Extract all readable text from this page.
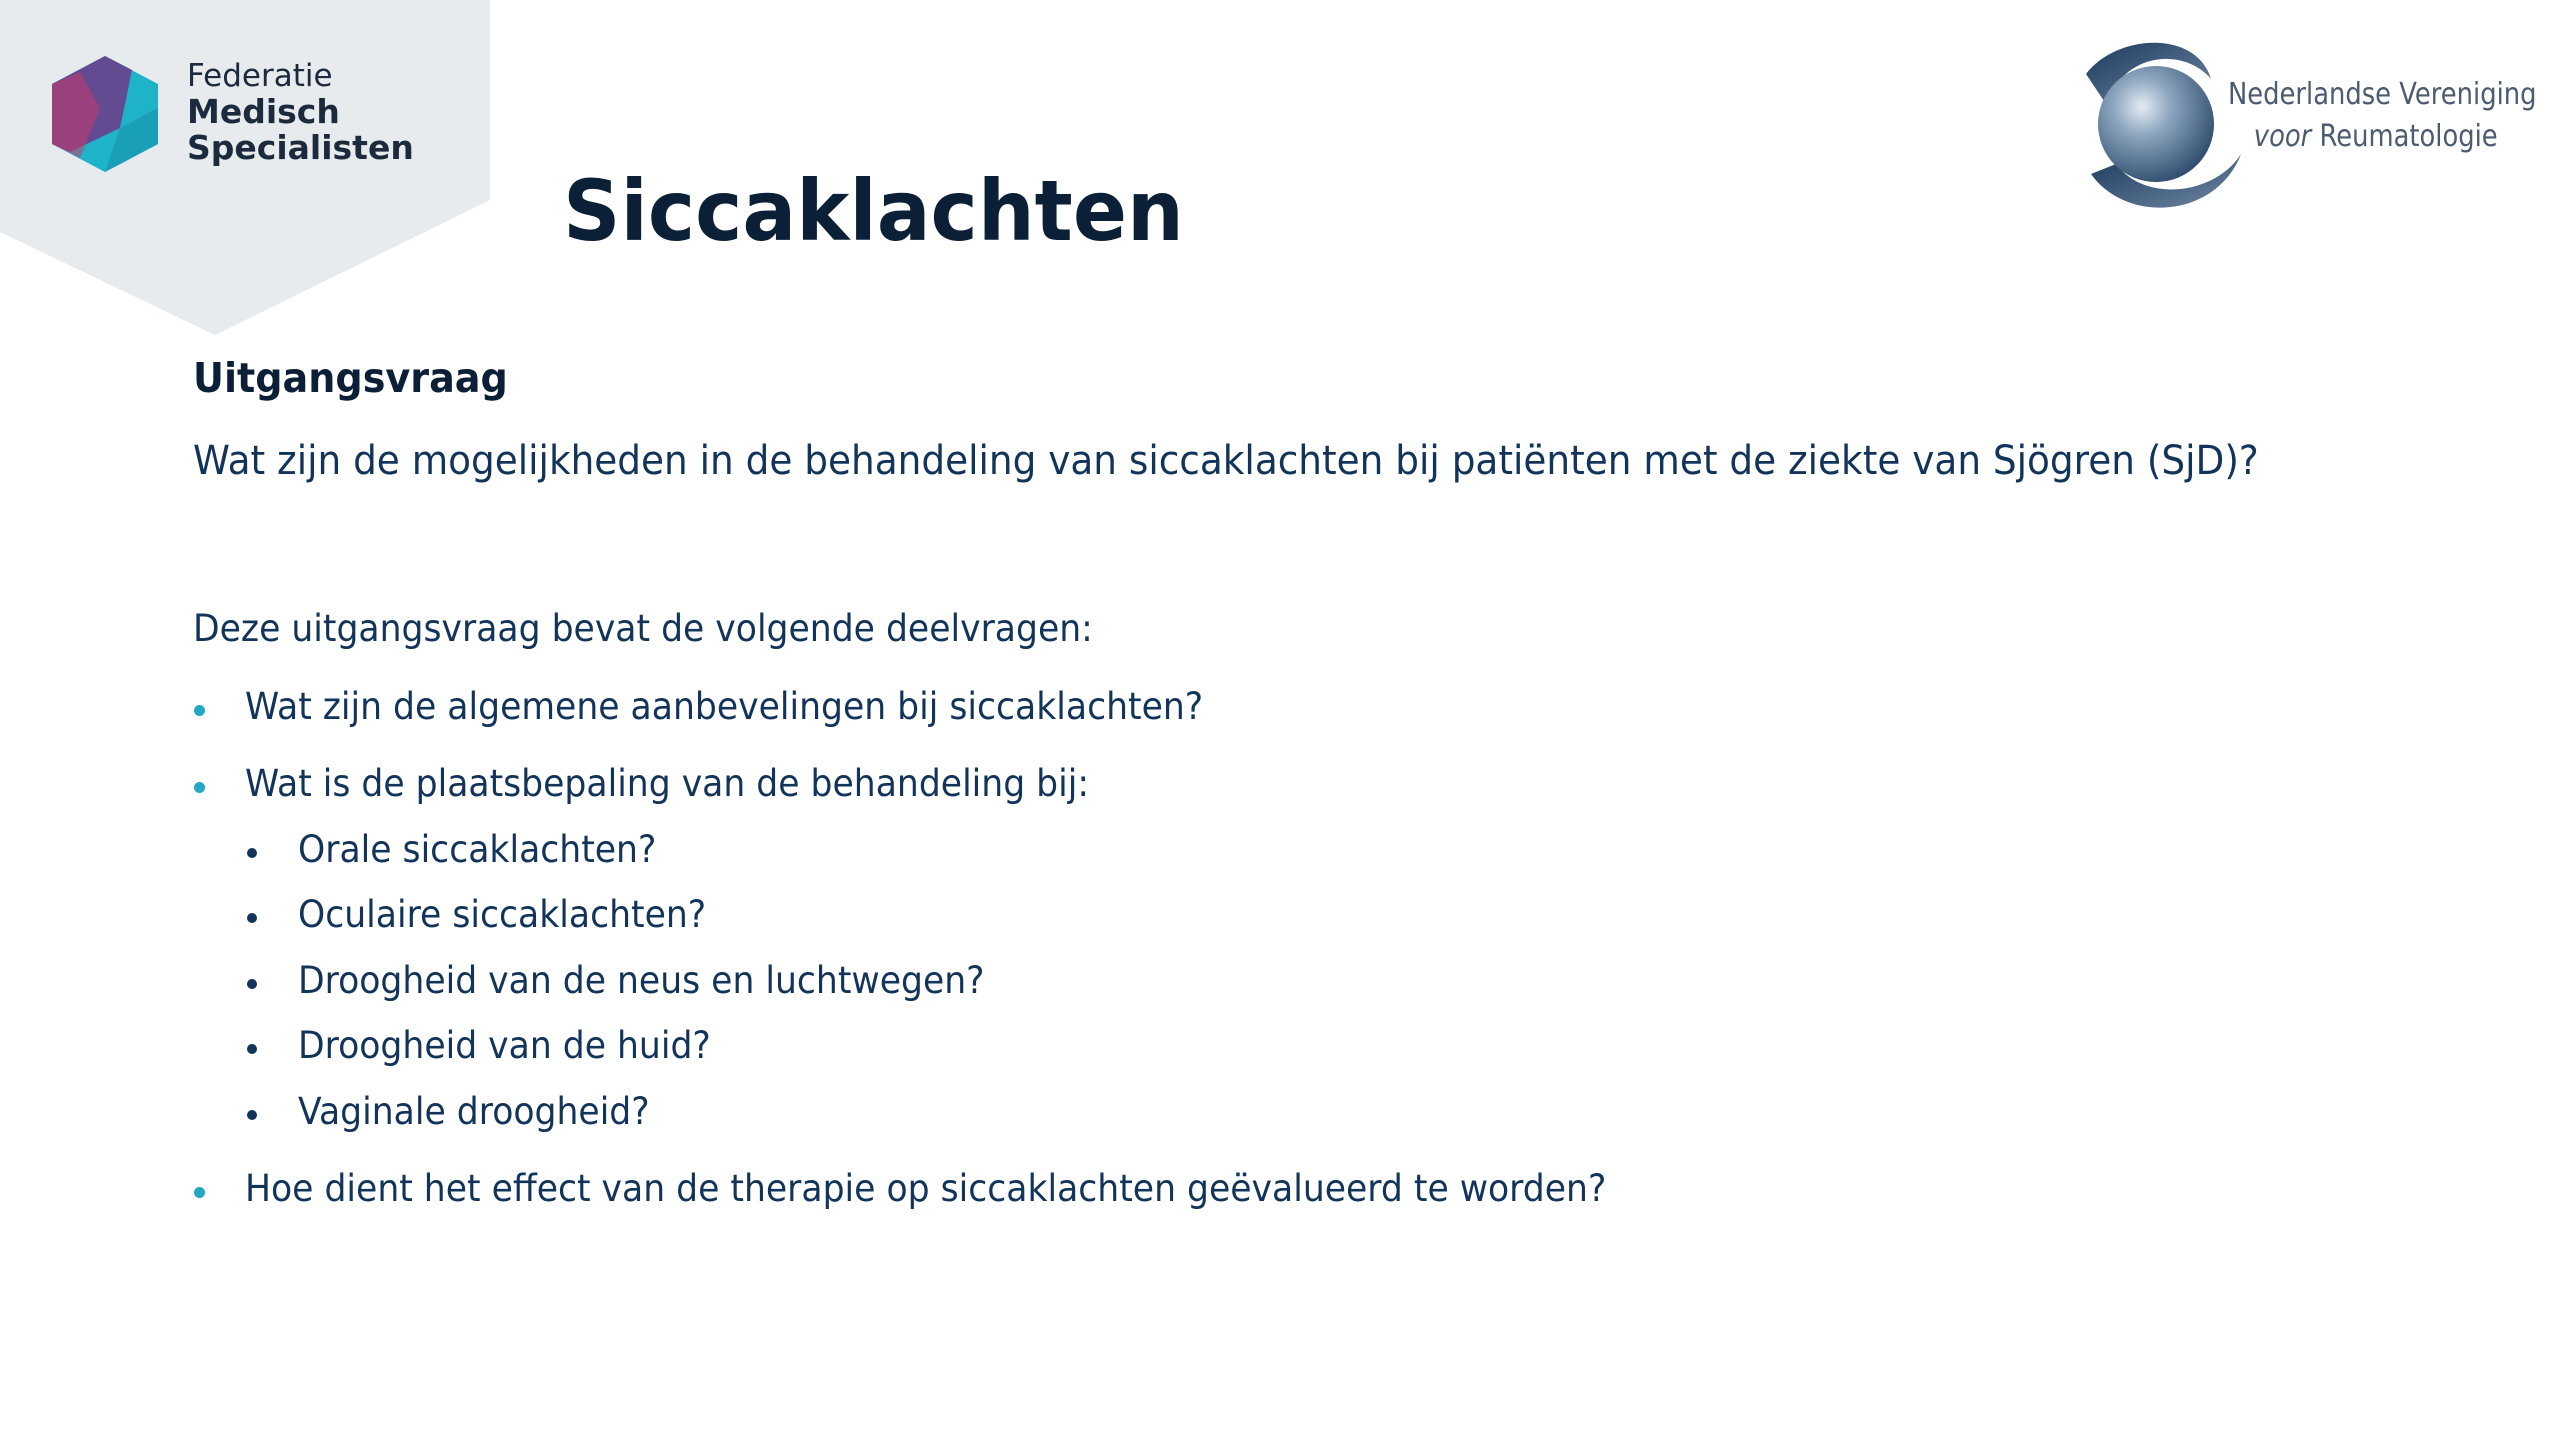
Federatie
Medisch
Specialisten
Nederlandse Vereniging
voor Reumatologie
Siccaklachten
Uitgangsvraag

Wat zijn de mogelijkheden in de behandeling van siccaklachten bij patiënten met de ziekte van Sjögren (SjD)?

Deze uitgangsvraag bevat de volgende deelvragen:

Wat zijn de algemene aanbevelingen bij siccaklachten?

Wat is de plaatsbepaling van de behandeling bij:

Orale siccaklachten?

Oculaire siccaklachten?

Droogheid van de neus en luchtwegen?

Droogheid van de huid?

Vaginale droogheid?

Hoe dient het effect van de therapie op siccaklachten geëvalueerd te worden?
